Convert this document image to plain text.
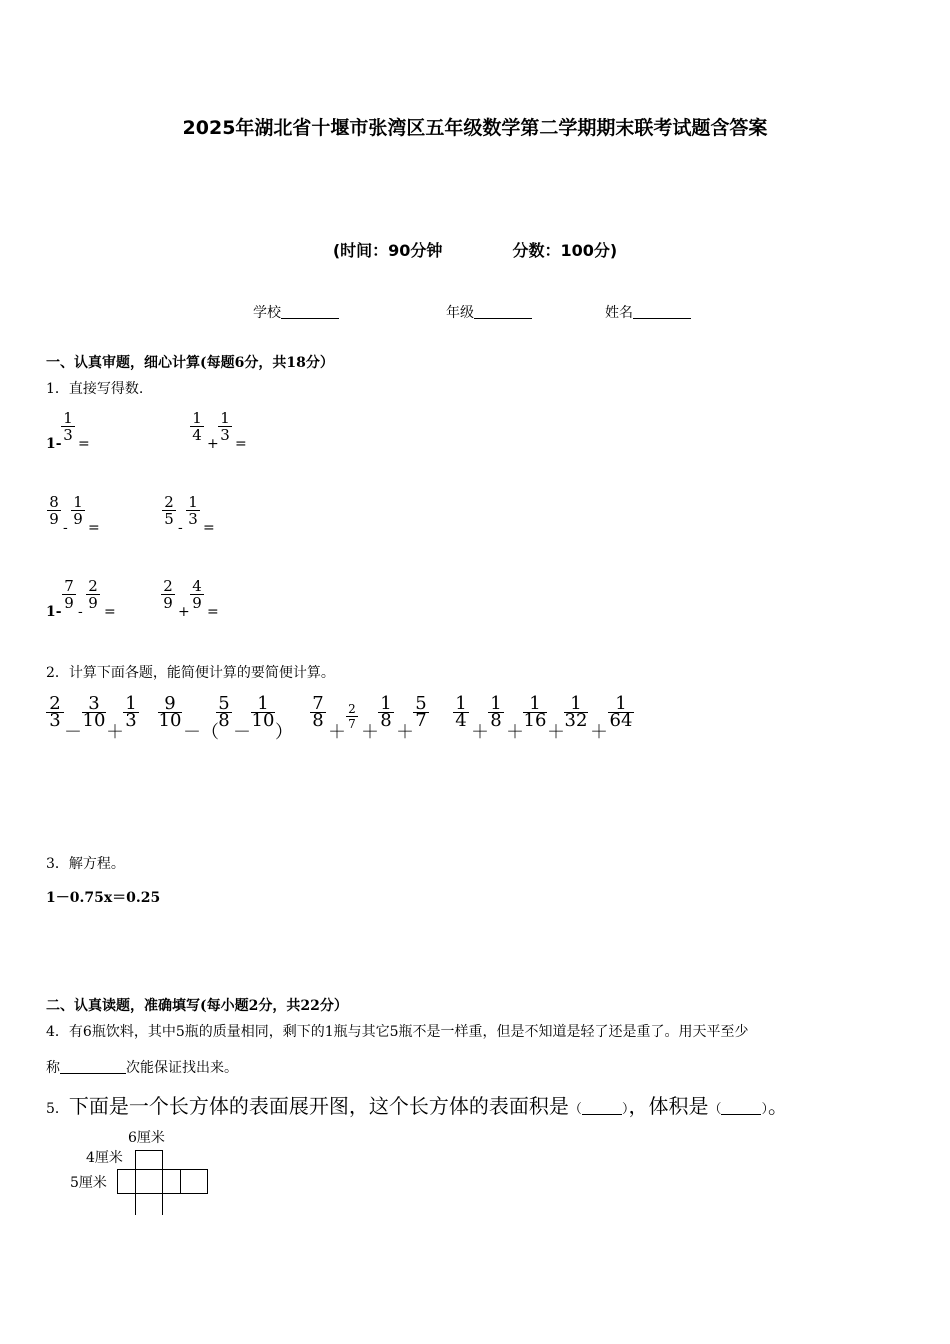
2025年湖北省十堰市张湾区五年级数学第二学期期末联考试题含答案
(时间：90分钟	分数：100分)
学校	年级	姓名
一、认真审题，细心计算(每题6分，共18分）
1．直接写得数.
1-
$\frac{1}{3}$
=
$\frac{1}{4}$
+
$\frac{1}{3}$
=
$\frac{8}{9}$
-
$\frac{1}{9}$
=
$\frac{2}{5}$
-
$\frac{1}{3}$
=
1-
$\frac{7}{9}$
-
$\frac{2}{9}$
=
$\frac{2}{9}$
+
$\frac{4}{9}$
=
2．计算下面各题，能简便计算的要简便计算。
$\frac{2}{3}$
－
$\frac{3}{10}$
＋
$\frac{1}{3} \frac{9}{10}$
－（
$\frac{5}{8}$
－
$\frac{1}{10}$
）
$\frac{7}{8}$
＋
$\frac{2}{7}$
＋
$\frac{1}{8}$
＋
$\frac{5}{7} \frac{1}{4}$
＋
$\frac{1}{8}$
＋
$\frac{1}{16}$
＋
$\frac{1}{32}$
＋
$\frac{1}{64}$
3．解方程。
1－0.75x＝0.25
二、认真读题，准确填写(每小题2分，共22分）
4．有6瓶饮料，其中5瓶的质量相同，剩下的1瓶与其它5瓶不是一样重，但是不知道是轻了还是重了。用天平至少
称	次能保证找出来。
5．下面是一个长方体的表面展开图，这个长方体的表面积是（	），体积是（	）。
6厘米
4厘米
5厘米
